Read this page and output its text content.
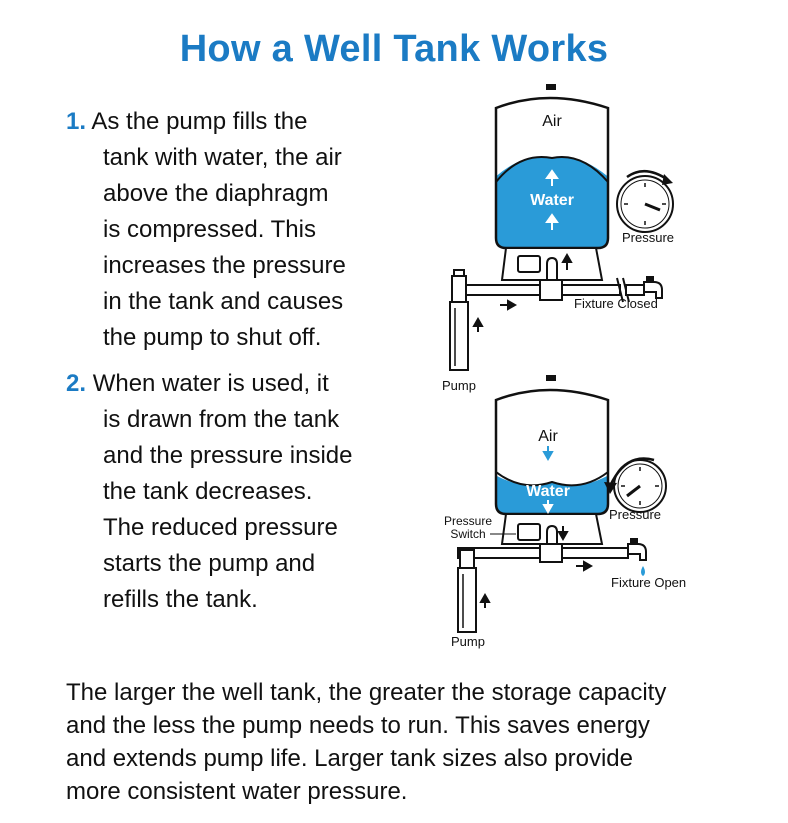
How a Well Tank Works
1. As the pump fills the
tank with water, the air
above the diaphragm
is compressed. This
increases the pressure
in the tank and causes
the pump to shut off.
2. When water is used, it
is drawn from the tank
and the pressure inside
the tank decreases.
The reduced pressure
starts the pump and
refills the tank.
Air
Water
Fixture Closed
Pump
Pressure
Air
Water
Pressure
Switch
Fixture Open
Pump
Pressure
The larger the well tank, the greater the storage capacity
and the less the pump needs to run. This saves energy
and extends pump life. Larger tank sizes also provide
more consistent water pressure.
